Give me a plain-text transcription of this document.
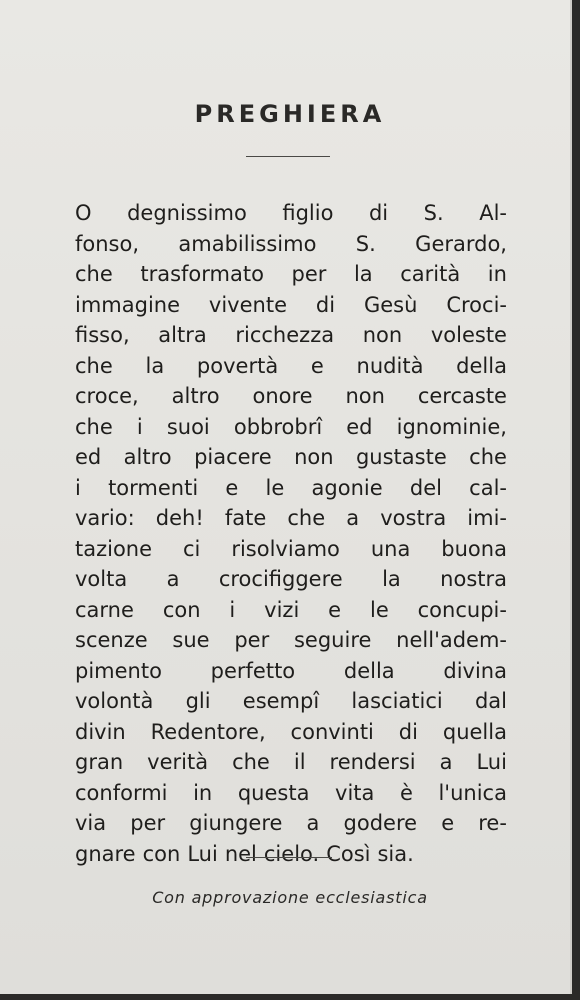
PREGHIERA
O degnissimo figlio di S. Al-
fonso, amabilissimo S. Gerardo,
che trasformato per la carità in
immagine vivente di Gesù Croci-
fisso, altra ricchezza non voleste
che la povertà e nudità della
croce, altro onore non cercaste
che i suoi obbrobrî ed ignominie,
ed altro piacere non gustaste che
i tormenti e le agonie del cal-
vario: deh! fate che a vostra imi-
tazione ci risolviamo una buona
volta a crocifiggere la nostra
carne con i vizi e le concupi-
scenze sue per seguire nell'adem-
pimento perfetto della divina
volontà gli esempî lasciatici dal
divin Redentore, convinti di quella
gran verità che il rendersi a Lui
conformi in questa vita è l'unica
via per giungere a godere e re-
gnare con Lui nel cielo. Così sia.
Con approvazione ecclesiastica
